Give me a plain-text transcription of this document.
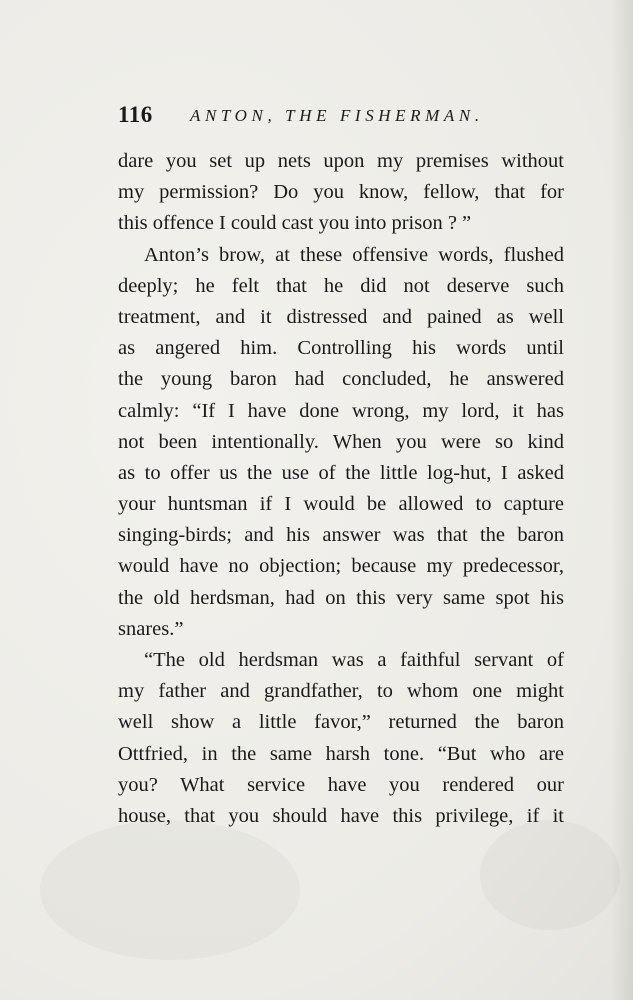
116 ANTON, THE FISHERMAN.
dare you set up nets upon my premises without
my permission? Do you know, fellow, that for
this offence I could cast you into prison ? ”
Anton’s brow, at these offensive words, flushed
deeply; he felt that he did not deserve such
treatment, and it distressed and pained as well
as angered him. Controlling his words until
the young baron had concluded, he answered
calmly: “If I have done wrong, my lord, it has
not been intentionally. When you were so kind
as to offer us the use of the little log-hut, I asked
your huntsman if I would be allowed to capture
singing-birds; and his answer was that the baron
would have no objection; because my predecessor,
the old herdsman, had on this very same spot his
snares.”
“The old herdsman was a faithful servant of
my father and grandfather, to whom one might
well show a little favor,” returned the baron
Ottfried, in the same harsh tone. “But who are
you? What service have you rendered our
house, that you should have this privilege, if it
